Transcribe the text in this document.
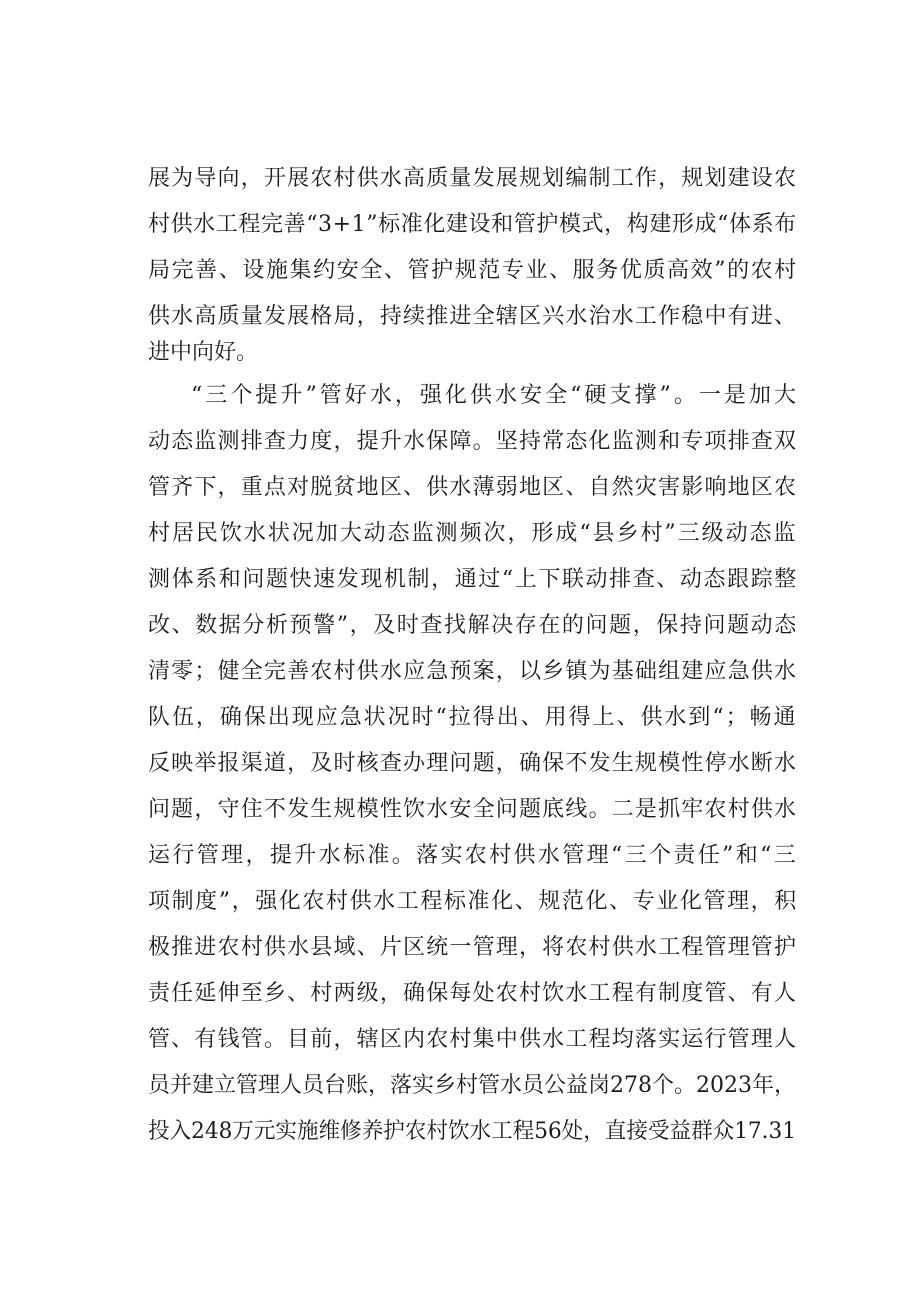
展为导向，开展农村供水高质量发展规划编制工作，规划建设农
村供水工程完善“3+1”标准化建设和管护模式，构建形成“体系布
局完善、设施集约安全、管护规范专业、服务优质高效”的农村
供水高质量发展格局，持续推进全辖区兴水治水工作稳中有进、
进中向好。
“三个提升”管好水，强化供水安全“硬支撑”。一是加大
动态监测排查力度，提升水保障。坚持常态化监测和专项排查双
管齐下，重点对脱贫地区、供水薄弱地区、自然灾害影响地区农
村居民饮水状况加大动态监测频次，形成“县乡村”三级动态监
测体系和问题快速发现机制，通过“上下联动排查、动态跟踪整
改、数据分析预警”，及时查找解决存在的问题，保持问题动态
清零；健全完善农村供水应急预案，以乡镇为基础组建应急供水
队伍，确保出现应急状况时“拉得出、用得上、供水到“；畅通
反映举报渠道，及时核查办理问题，确保不发生规模性停水断水
问题，守住不发生规模性饮水安全问题底线。二是抓牢农村供水
运行管理，提升水标准。落实农村供水管理“三个责任”和“三
项制度”，强化农村供水工程标准化、规范化、专业化管理，积
极推进农村供水县域、片区统一管理，将农村供水工程管理管护
责任延伸至乡、村两级，确保每处农村饮水工程有制度管、有人
管、有钱管。目前，辖区内农村集中供水工程均落实运行管理人
员并建立管理人员台账，落实乡村管水员公益岗278个。2023年，
投入248万元实施维修养护农村饮水工程56处，直接受益群众17.31
